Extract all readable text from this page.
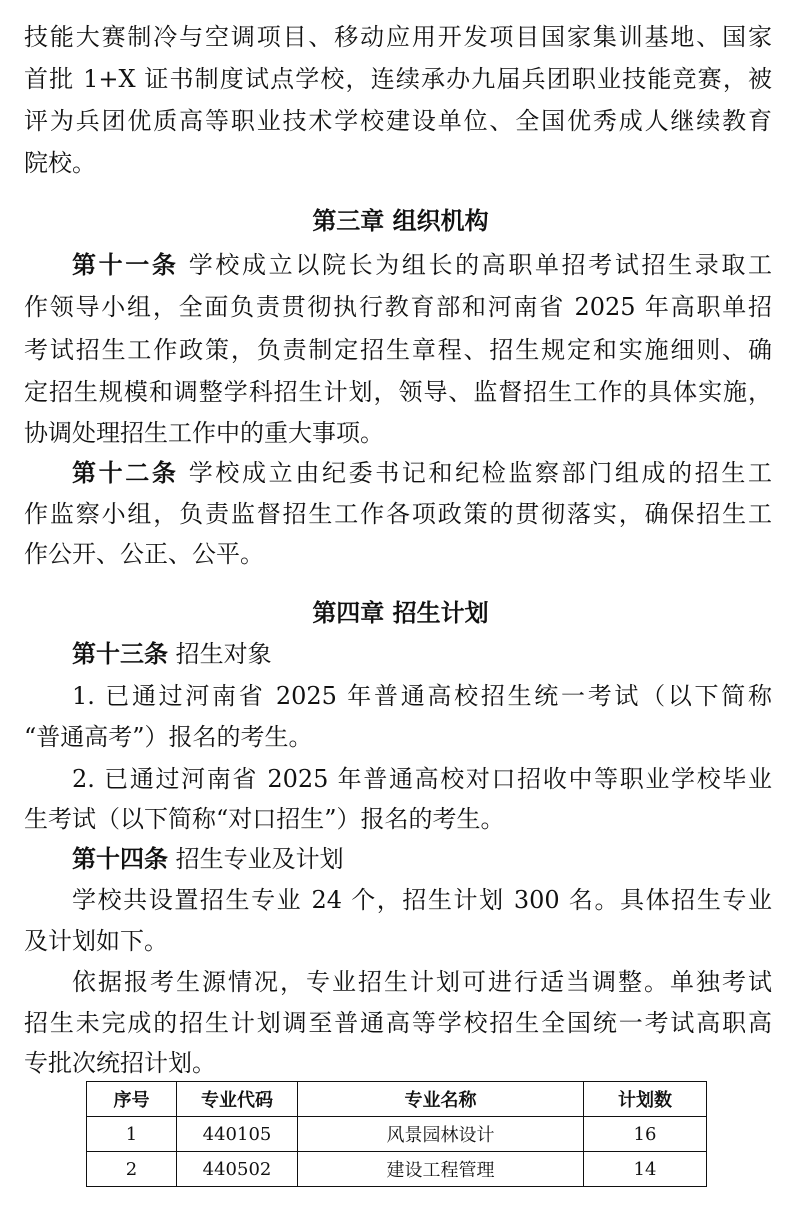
技能大赛制冷与空调项目、移动应用开发项目国家集训基地、国家
首批 1+X 证书制度试点学校，连续承办九届兵团职业技能竞赛，被
评为兵团优质高等职业技术学校建设单位、全国优秀成人继续教育
院校。
第三章 组织机构
第十一条 学校成立以院长为组长的高职单招考试招生录取工
作领导小组，全面负责贯彻执行教育部和河南省 2025 年高职单招
考试招生工作政策，负责制定招生章程、招生规定和实施细则、确
定招生规模和调整学科招生计划，领导、监督招生工作的具体实施，
协调处理招生工作中的重大事项。
第十二条 学校成立由纪委书记和纪检监察部门组成的招生工
作监察小组，负责监督招生工作各项政策的贯彻落实，确保招生工
作公开、公正、公平。
第四章 招生计划
第十三条 招生对象
1. 已通过河南省 2025 年普通高校招生统一考试（以下简称
“普通高考”）报名的考生。
2. 已通过河南省 2025 年普通高校对口招收中等职业学校毕业
生考试（以下简称“对口招生”）报名的考生。
第十四条 招生专业及计划
学校共设置招生专业 24 个，招生计划 300 名。具体招生专业
及计划如下。
依据报考生源情况，专业招生计划可进行适当调整。单独考试
招生未完成的招生计划调至普通高等学校招生全国统一考试高职高
专批次统招计划。
序号	专业代码	专业名称	计划数
1	440105	风景园林设计	16
2	440502	建设工程管理	14
